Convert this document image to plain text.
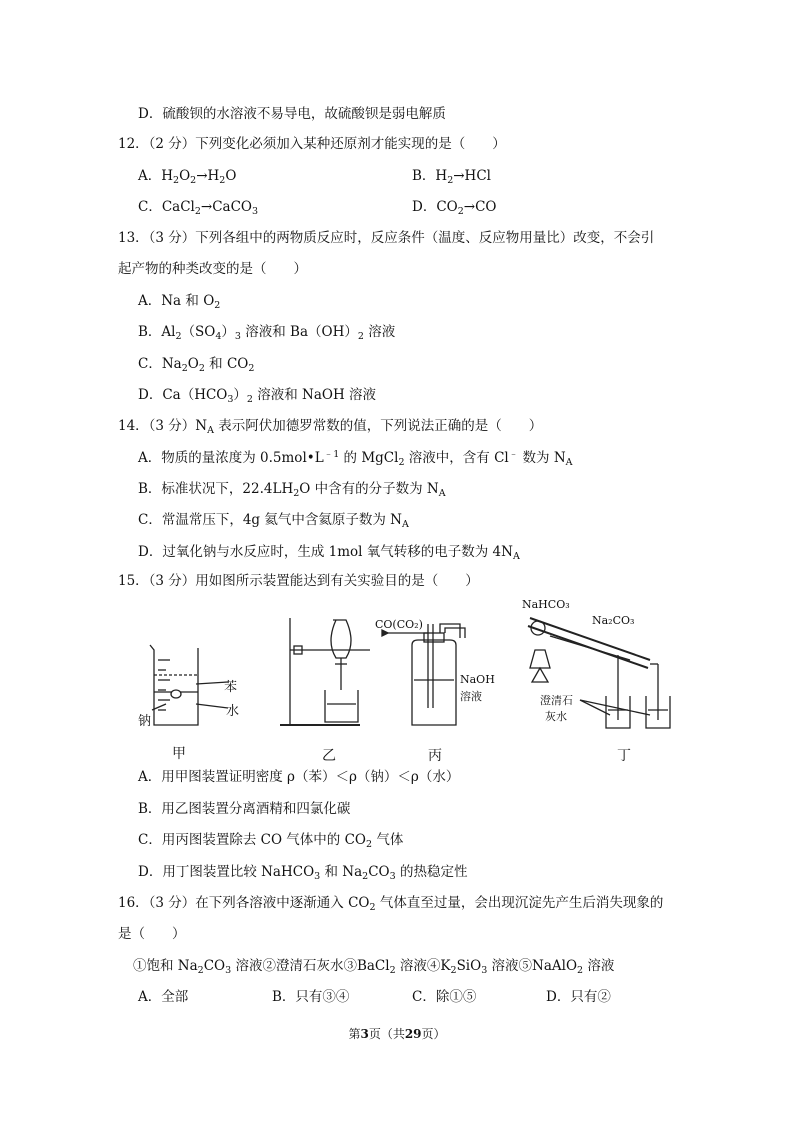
D．硫酸钡的水溶液不易导电，故硫酸钡是弱电解质
12．（2 分）下列变化必须加入某种还原剂才能实现的是（　　）
A．$H_2O_2\to H_2O$	B．$H_2\to HCl$
C．CaCl$_2$→CaCO$_3$	D．$CO_2\to CO$
13．（3 分）下列各组中的两物质反应时，反应条件（温度、反应物用量比）改变，不会引
起产物的种类改变的是（　　）
A．Na 和 $O_2$
B．$Al_2(SO_4)_3$ 溶液和 $Ba(OH)_2$ 溶液
C．$Na_2O_2$ 和 $CO_2$
D．$Ca(HCO_3)_2$ 溶液和 NaOH 溶液
14．（3 分）$N_A$ 表示阿伏加德罗常数的值，下列说法正确的是（　　）
A．物质的量浓度为 $0.5mol•L^{﹣1}$ 的 MgCl$_2$ 溶液中，含有 Cl﹣ 数为 $N_A$
B．标准状况下，$22.4LH_2O$ 中含有的分子数为 $N_A$
C．常温常压下，4g 氦气中含氦原子数为 $N_A$
D．过氧化钠与水反应时，生成 1mol 氧气转移的电子数为 $4N_A$
15．（3 分）用如图所示装置能达到有关实验目的是（　　）
苯
水
钠
CO(CO₂)
NaOH
溶液
NaHCO₃
Na₂CO₃
澄清石
灰水
甲	乙	丙	丁
A．用甲图装置证明密度 ρ（苯）＜ρ（钠）＜ρ（水）
B．用乙图装置分离酒精和四氯化碳
C．用丙图装置除去 CO 气体中的 $CO_2$ 气体
D．用丁图装置比较 NaHCO$_3$ 和 $Na_2CO_3$ 的热稳定性
16．（3 分）在下列各溶液中逐渐通入 $CO_2$ 气体直至过量，会出现沉淀先产生后消失现象的
是（　　）
①饱和 $Na_2CO_3$ 溶液②澄清石灰水③BaCl$_2$ 溶液$④K_2SiO_3$ 溶液⑤NaAlO$_2$ 溶液
A．全部	B．只有③④	C．除①⑤	D．只有②
第3页（共29页）
